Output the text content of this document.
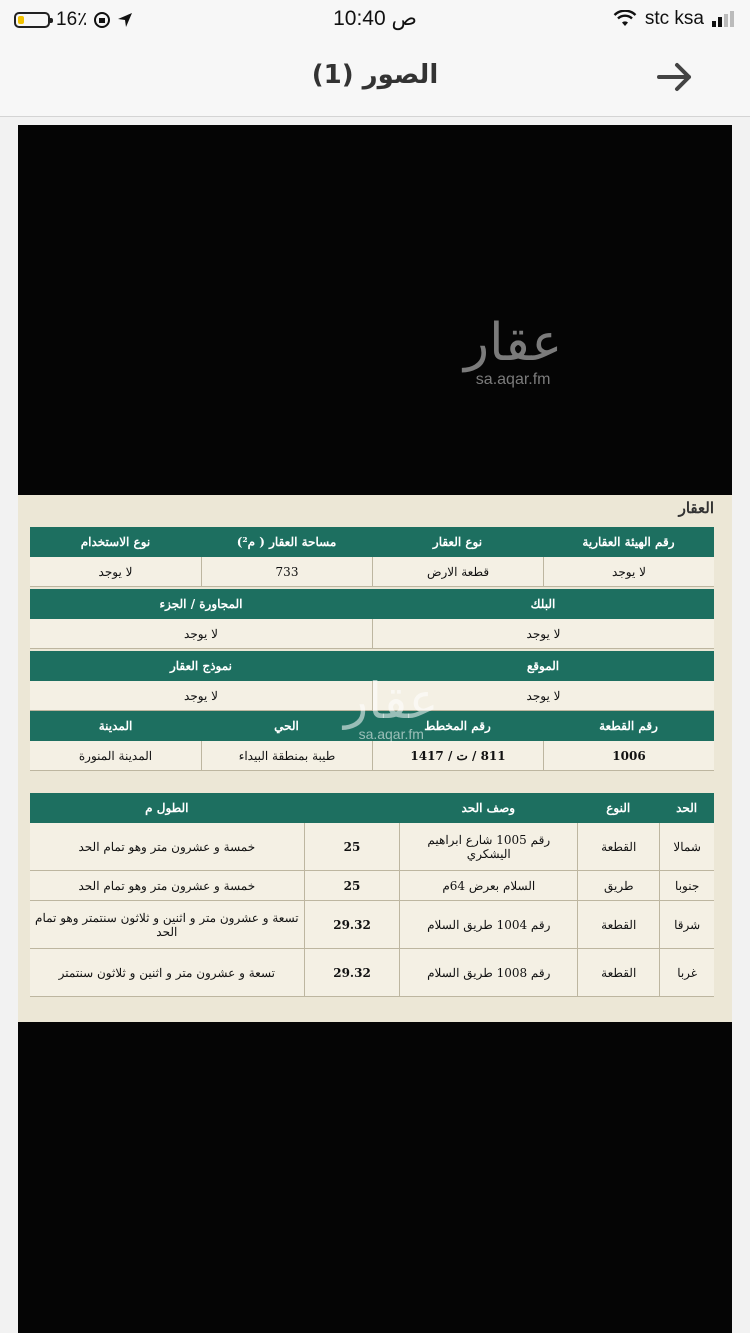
16٪	10:40 ص	stc ksa
الصور (1)
عقار
sa.aqar.fm
العقار
رقم الهيئة العقارية
نوع العقار
مساحة العقار ( م²)
نوع الاستخدام
لا يوجد
قطعة الارض
733
لا يوجد
البلك
المجاورة / الجزء
لا يوجد
لا يوجد
الموقع
نموذج العقار
لا يوجد
لا يوجد
رقم القطعة
رقم المخطط
الحي
المدينة
1006
811 / ت / 1417
طيبة بمنطقة البيداء
المدينة المنورة
الحد
النوع
وصف الحد
الطول م
شمالا
القطعة
رقم 1005 شارع ابراهيم اليشكري
25
خمسة و عشرون متر وهو تمام الحد
جنوبا
طريق
السلام بعرض 64م
25
خمسة و عشرون متر وهو تمام الحد
شرقا
القطعة
رقم 1004 طريق السلام
29.32
تسعة و عشرون متر و اثنين و ثلاثون سنتمتر وهو تمام الحد
غربا
القطعة
رقم 1008 طريق السلام
29.32
تسعة و عشرون متر و اثنين و ثلاثون سنتمتر
عقار
sa.aqar.fm
